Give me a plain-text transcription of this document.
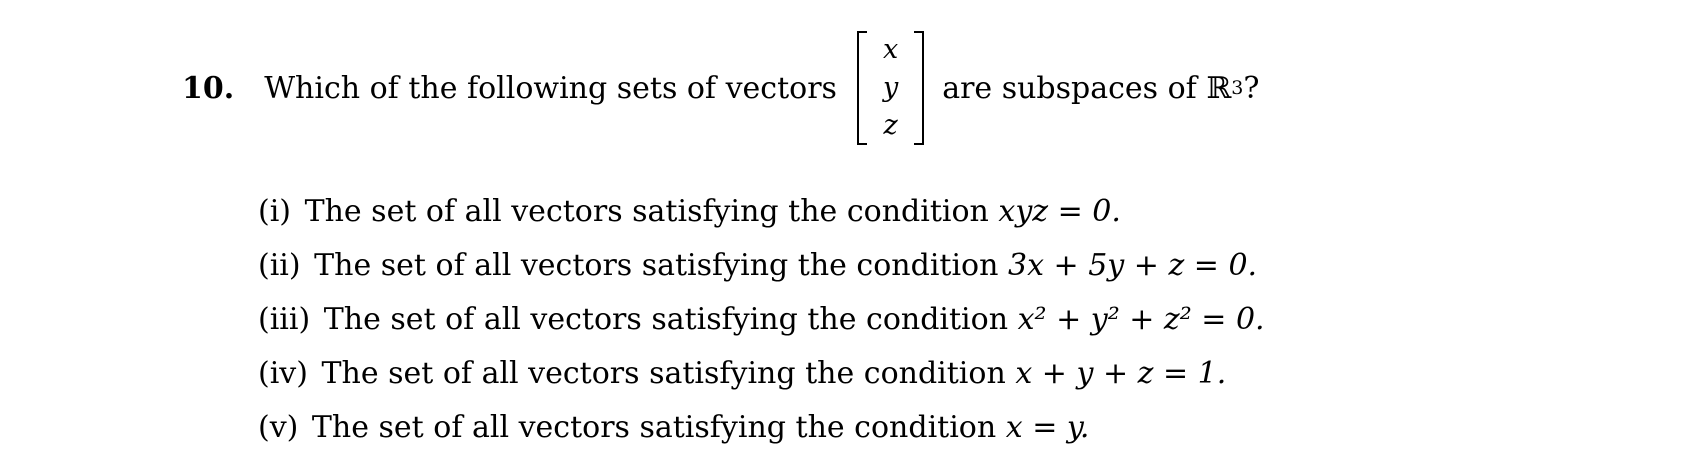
10. Which of the following sets of vectors
x
y
z
are subspaces of
ℝ 3 ?
(i) The set of all vectors satisfying the condition xyz = 0.
(ii) The set of all vectors satisfying the condition 3x + 5y + z = 0.
(iii) The set of all vectors satisfying the condition x² + y² + z² = 0.
(iv) The set of all vectors satisfying the condition x + y + z = 1.
(v) The set of all vectors satisfying the condition x = y.
